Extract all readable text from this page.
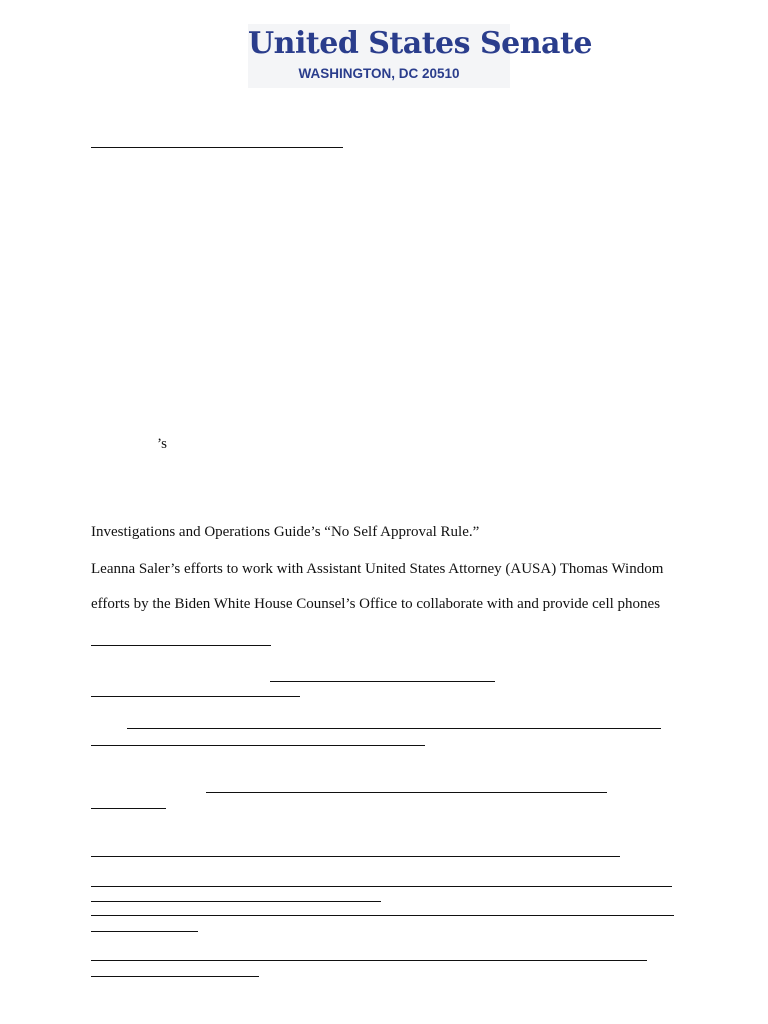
United States Senate
WASHINGTON, DC 20510
’s
Investigations and Operations Guide’s “No Self Approval Rule.”
Leanna Saler’s efforts to work with Assistant United States Attorney (AUSA) Thomas Windom
efforts by the Biden White House Counsel’s Office to collaborate with and provide cell phones
